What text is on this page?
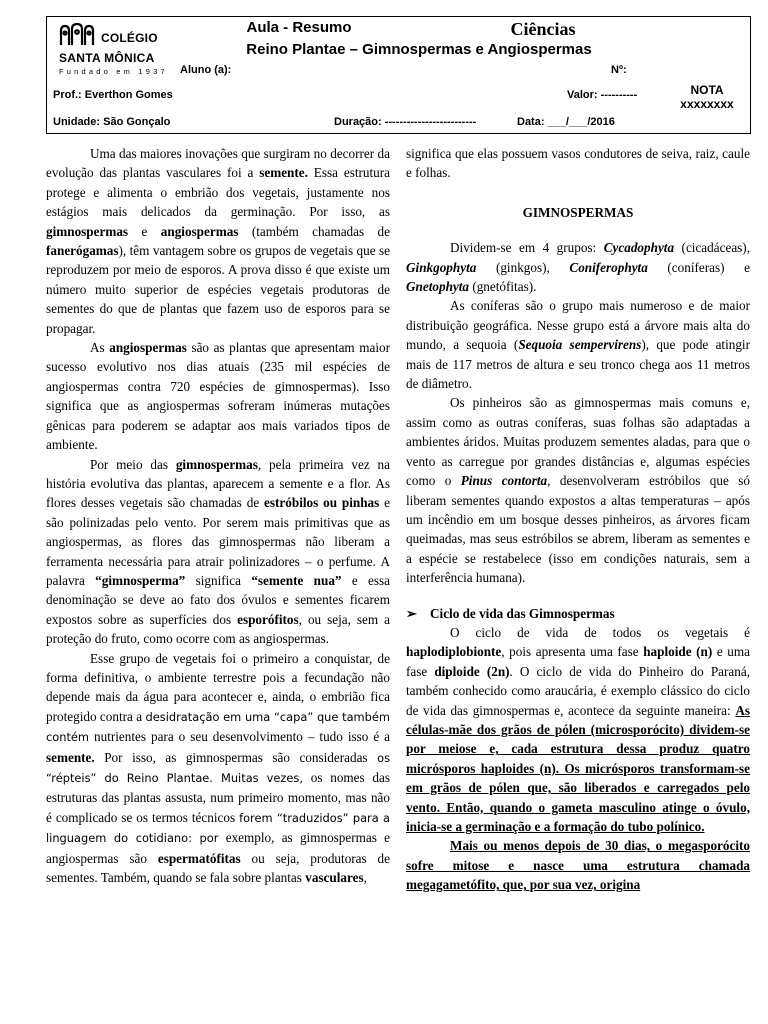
COLÉGIO
SANTA MÔNICA
Fundado em 1937
Aula - Resumo	Ciências
Reino Plantae – Gimnospermas e Angiospermas
NOTA
xxxxxxxx
Aluno (a):	Nº:
Prof.: Everthon Gomes	Valor: ----------
Unidade: São Gonçalo	Duração: -------------------------	Data: ___/___/2016

Uma das maiores inovações que surgiram no decorrer da evolução das plantas vasculares foi a semente. Essa estrutura protege e alimenta o embrião dos vegetais, justamente nos estágios mais delicados da germinação. Por isso, as gimnospermas e angiospermas (também chamadas de fanerógamas), têm vantagem sobre os grupos de vegetais que se reproduzem por meio de esporos. A prova disso é que existe um número muito superior de espécies vegetais produtoras de sementes do que de plantas que fazem uso de esporos para se propagar.

As angiospermas são as plantas que apresentam maior sucesso evolutivo nos dias atuais (235 mil espécies de angiospermas contra 720 espécies de gimnospermas). Isso significa que as angiospermas sofreram inúmeras mutações gênicas para poderem se adaptar aos mais variados tipos de ambiente.

Por meio das gimnospermas, pela primeira vez na história evolutiva das plantas, aparecem a semente e a flor. As flores desses vegetais são chamadas de estróbilos ou pinhas e são polinizadas pelo vento. Por serem mais primitivas que as angiospermas, as flores das gimnospermas não liberam a ferramenta necessária para atrair polinizadores – o perfume. A palavra “gimnosperma” significa “semente nua” e essa denominação se deve ao fato dos óvulos e sementes ficarem expostos sobre as superfícies dos esporófitos, ou seja, sem a proteção do fruto, como ocorre com as angiospermas.

Esse grupo de vegetais foi o primeiro a conquistar, de forma definitiva, o ambiente terrestre pois a fecundação não depende mais da água para acontecer e, ainda, o embrião fica protegido contra a desidratação em uma “capa” que também contém nutrientes para o seu desenvolvimento – tudo isso é a semente. Por isso, as gimnospermas são consideradas os “répteis” do Reino Plantae. Muitas vezes, os nomes das estruturas das plantas assusta, num primeiro momento, mas não é complicado se os termos técnicos forem “traduzidos” para a linguagem do cotidiano: por exemplo, as gimnospermas e angiospermas são espermatófitas ou seja, produtoras de sementes. Também, quando se fala sobre plantas vasculares,

significa que elas possuem vasos condutores de seiva, raiz, caule e folhas.

GIMNOSPERMAS

Dividem-se em 4 grupos: Cycadophyta (cicadáceas), Ginkgophyta (ginkgos), Coniferophyta (coníferas) e Gnetophyta (gnetófitas).

As coníferas são o grupo mais numeroso e de maior distribuição geográfica. Nesse grupo está a árvore mais alta do mundo, a sequoia (Sequoia sempervirens), que pode atingir mais de 117 metros de altura e seu tronco chega aos 11 metros de diâmetro.

Os pinheiros são as gimnospermas mais comuns e, assim como as outras coníferas, suas folhas são adaptadas a ambientes áridos. Muitas produzem sementes aladas, para que o vento as carregue por grandes distâncias e, algumas espécies como o Pinus contorta, desenvolveram estróbilos que só liberam sementes quando expostos a altas temperaturas – após um incêndio em um bosque desses pinheiros, as árvores ficam queimadas, mas seus estróbilos se abrem, liberam as sementes e a espécie se restabelece (isso em condições naturais, sem a interferência humana).

➢ Ciclo de vida das Gimnospermas

O ciclo de vida de todos os vegetais é haplodiplobionte, pois apresenta uma fase haploide (n) e uma fase diploide (2n). O ciclo de vida do Pinheiro do Paraná, também conhecido como araucária, é exemplo clássico do ciclo de vida das gimnospermas e, acontece da seguinte maneira: As células-mãe dos grãos de pólen (microsporócito) dividem-se por meiose e, cada estrutura dessa produz quatro micrósporos haploides (n). Os micrósporos transformam-se em grãos de pólen que, são liberados e carregados pelo vento. Então, quando o gameta masculino atinge o óvulo, inicia-se a germinação e a formação do tubo polínico.

Mais ou menos depois de 30 dias, o megasporócito sofre mitose e nasce uma estrutura chamada megagametófito, que, por sua vez, origina
